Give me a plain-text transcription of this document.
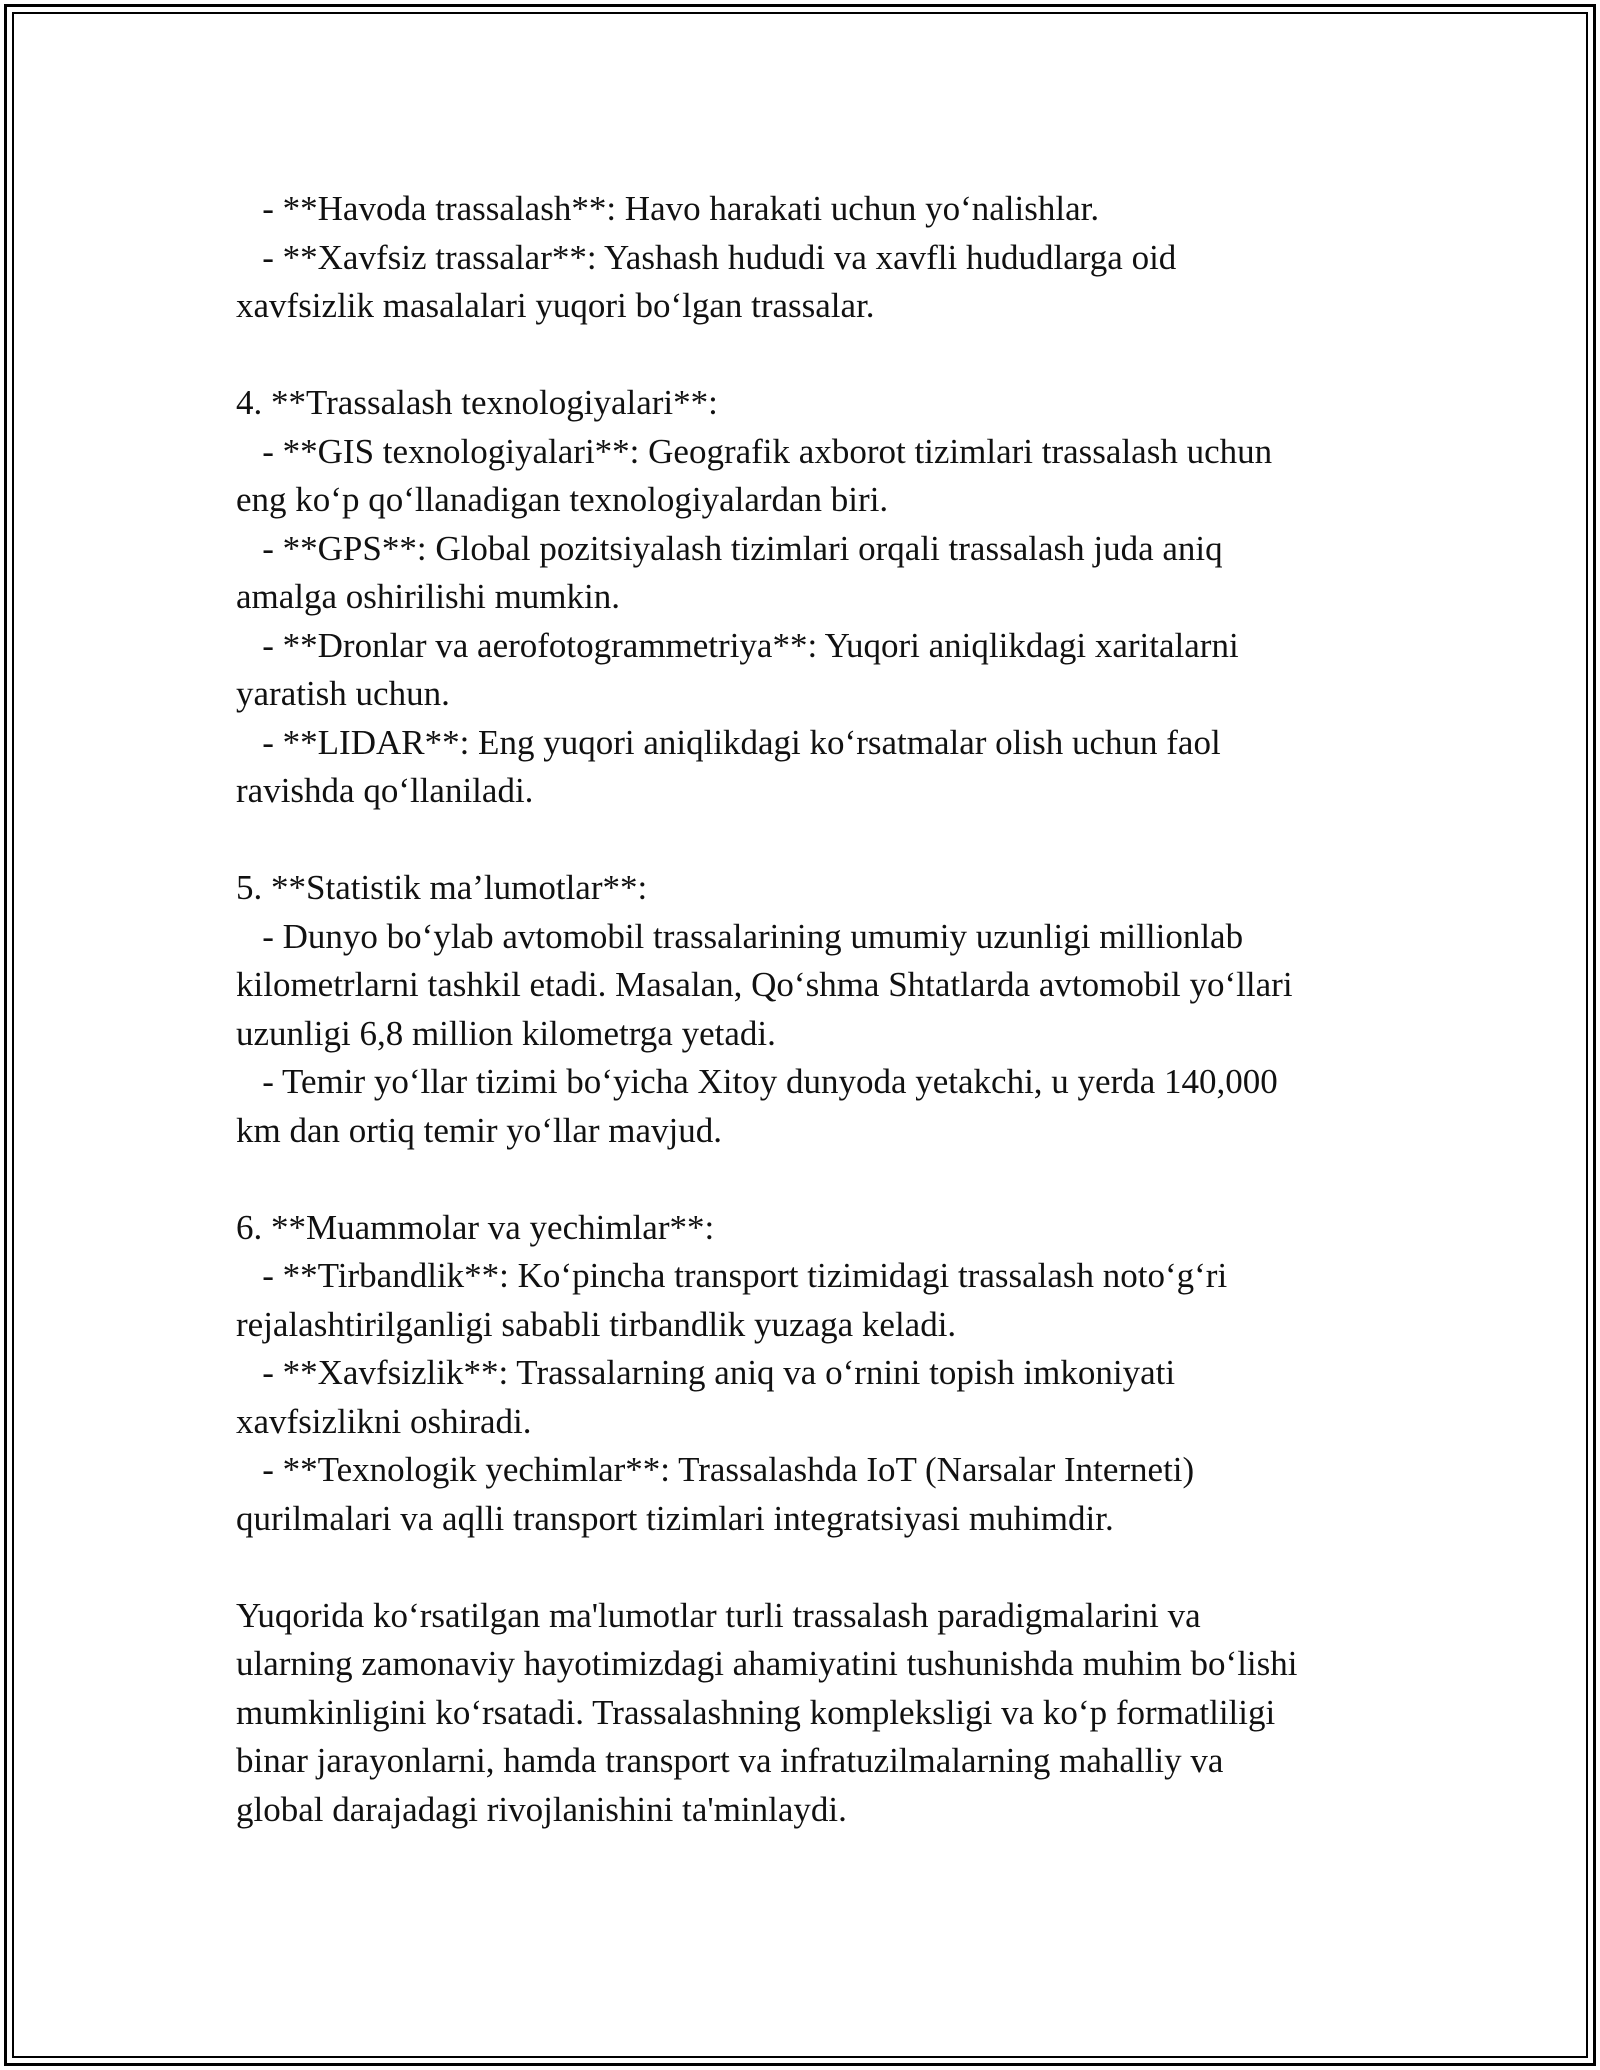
- **Havoda trassalash**: Havo harakati uchun yo‘nalishlar.
- **Xavfsiz trassalar**: Yashash hududi va xavfli hududlarga oid
xavfsizlik masalalari yuqori bo‘lgan trassalar.
4. **Trassalash texnologiyalari**:
- **GIS texnologiyalari**: Geografik axborot tizimlari trassalash uchun
eng ko‘p qo‘llanadigan texnologiyalardan biri.
- **GPS**: Global pozitsiyalash tizimlari orqali trassalash juda aniq
amalga oshirilishi mumkin.
- **Dronlar va aerofotogrammetriya**: Yuqori aniqlikdagi xaritalarni
yaratish uchun.
- **LIDAR**: Eng yuqori aniqlikdagi ko‘rsatmalar olish uchun faol
ravishda qo‘llaniladi.
5. **Statistik ma’lumotlar**:
- Dunyo bo‘ylab avtomobil trassalarining umumiy uzunligi millionlab
kilometrlarni tashkil etadi. Masalan, Qo‘shma Shtatlarda avtomobil yo‘llari
uzunligi 6,8 million kilometrga yetadi.
- Temir yo‘llar tizimi bo‘yicha Xitoy dunyoda yetakchi, u yerda 140,000
km dan ortiq temir yo‘llar mavjud.
6. **Muammolar va yechimlar**:
- **Tirbandlik**: Ko‘pincha transport tizimidagi trassalash noto‘g‘ri
rejalashtirilganligi sababli tirbandlik yuzaga keladi.
- **Xavfsizlik**: Trassalarning aniq va o‘rnini topish imkoniyati
xavfsizlikni oshiradi.
- **Texnologik yechimlar**: Trassalashda IoT (Narsalar Interneti)
qurilmalari va aqlli transport tizimlari integratsiyasi muhimdir.
Yuqorida ko‘rsatilgan ma'lumotlar turli trassalash paradigmalarini va
ularning zamonaviy hayotimizdagi ahamiyatini tushunishda muhim bo‘lishi
mumkinligini ko‘rsatadi. Trassalashning kompleksligi va ko‘p formatliligi
binar jarayonlarni, hamda transport va infratuzilmalarning mahalliy va
global darajadagi rivojlanishini ta'minlaydi.
